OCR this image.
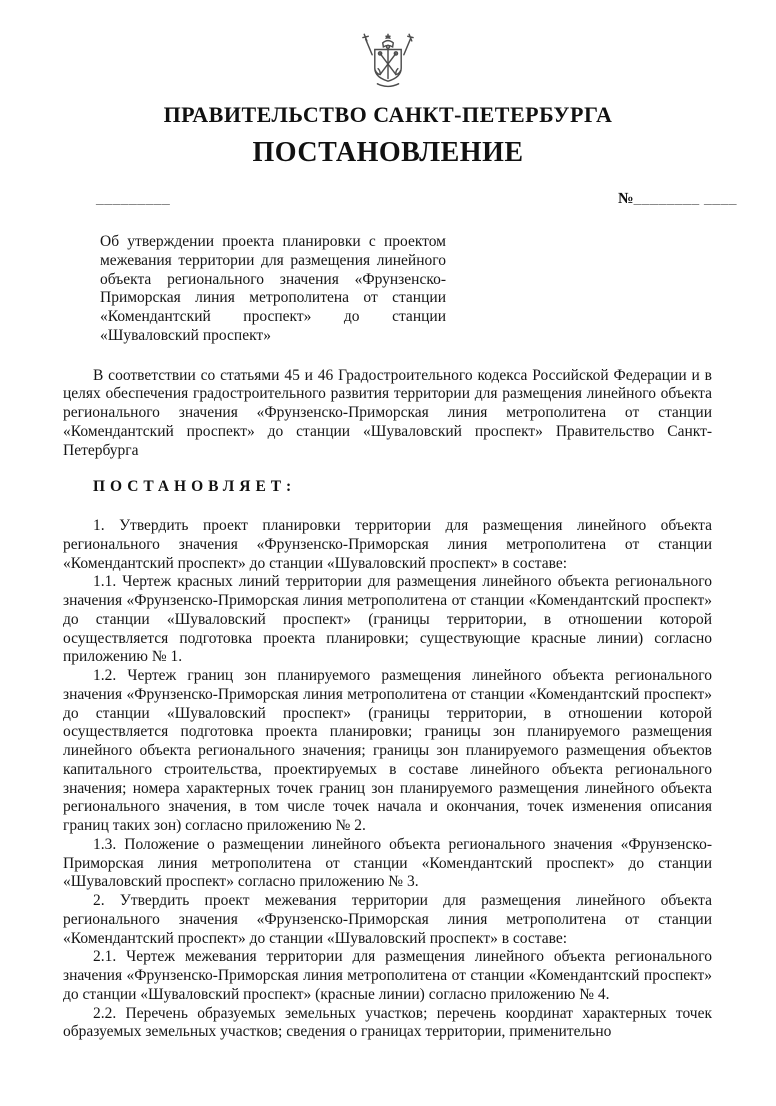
ПРАВИТЕЛЬСТВО САНКТ-ПЕТЕРБУРГА
ПОСТАНОВЛЕНИЕ
_________	№________ ____
Об утверждении проекта планировки с проектом межевания территории для размещения линейного объекта регионального значения «Фрунзенско-Приморская линия метрополитена от станции «Комендантский проспект» до станции «Шуваловский проспект»

В соответствии со статьями 45 и 46 Градостроительного кодекса Российской Федерации и в целях обеспечения градостроительного развития территории для размещения линейного объекта регионального значения «Фрунзенско-Приморская линия метрополитена от станции «Комендантский проспект» до станции «Шуваловский проспект» Правительство Санкт-Петербурга

ПОСТАНОВЛЯЕТ:

1. Утвердить проект планировки территории для размещения линейного объекта регионального значения «Фрунзенско-Приморская линия метрополитена от станции «Комендантский проспект» до станции «Шуваловский проспект» в составе:

1.1. Чертеж красных линий территории для размещения линейного объекта регионального значения «Фрунзенско-Приморская линия метрополитена от станции «Комендантский проспект» до станции «Шуваловский проспект» (границы территории, в отношении которой осуществляется подготовка проекта планировки; существующие красные линии) согласно приложению № 1.

1.2. Чертеж границ зон планируемого размещения линейного объекта регионального значения «Фрунзенско-Приморская линия метрополитена от станции «Комендантский проспект» до станции «Шуваловский проспект» (границы территории, в отношении которой осуществляется подготовка проекта планировки; границы зон планируемого размещения линейного объекта регионального значения; границы зон планируемого размещения объектов капитального строительства, проектируемых в составе линейного объекта регионального значения; номера характерных точек границ зон планируемого размещения линейного объекта регионального значения, в том числе точек начала и окончания, точек изменения описания границ таких зон) согласно приложению № 2.

1.3. Положение о размещении линейного объекта регионального значения «Фрунзенско-Приморская линия метрополитена от станции «Комендантский проспект» до станции «Шуваловский проспект» согласно приложению № 3.

2. Утвердить проект межевания территории для размещения линейного объекта регионального значения «Фрунзенско-Приморская линия метрополитена от станции «Комендантский проспект» до станции «Шуваловский проспект» в составе:

2.1. Чертеж межевания территории для размещения линейного объекта регионального значения «Фрунзенско-Приморская линия метрополитена от станции «Комендантский проспект» до станции «Шуваловский проспект» (красные линии) согласно приложению № 4.

2.2. Перечень образуемых земельных участков; перечень координат характерных точек образуемых земельных участков; сведения о границах территории, применительно
